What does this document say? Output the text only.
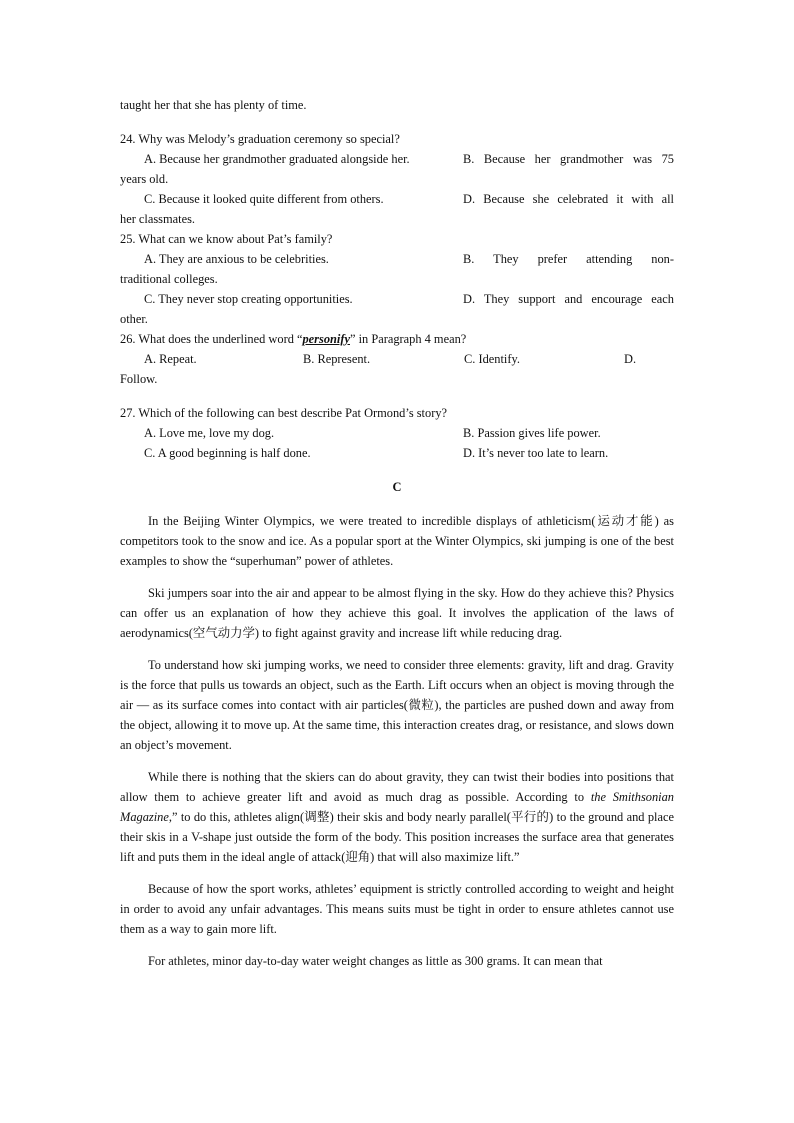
taught her that she has plenty of time.
24. Why was Melody’s graduation ceremony so special?
A. Because her grandmother graduated alongside her.	B. Because her grandmother was 75
years old.
C. Because it looked quite different from others.	D. Because she celebrated it with all
her classmates.
25. What can we know about Pat’s family?
A. They are anxious to be celebrities.	B. They prefer attending non-
traditional colleges.
C. They never stop creating opportunities.	D. They support and encourage each
other.
26. What does the underlined word “personify” in Paragraph 4 mean?
A. Repeat.	B. Represent.	C. Identify.	D.
Follow.
27. Which of the following can best describe Pat Ormond’s story?
A. Love me, love my dog.	B. Passion gives life power.
C. A good beginning is half done.	D. It’s never too late to learn.
C

In the Beijing Winter Olympics, we were treated to incredible displays of athleticism(运动才能) as competitors took to the snow and ice. As a popular sport at the Winter Olympics, ski jumping is one of the best examples to show the “superhuman” power of athletes.

Ski jumpers soar into the air and appear to be almost flying in the sky. How do they achieve this? Physics can offer us an explanation of how they achieve this goal. It involves the application of the laws of aerodynamics(空气动力学) to fight against gravity and increase lift while reducing drag.

To understand how ski jumping works, we need to consider three elements: gravity, lift and drag. Gravity is the force that pulls us towards an object, such as the Earth. Lift occurs when an object is moving through the air — as its surface comes into contact with air particles(微粒), the particles are pushed down and away from the object, allowing it to move up. At the same time, this interaction creates drag, or resistance, and slows down an object’s movement.

While there is nothing that the skiers can do about gravity, they can twist their bodies into positions that allow them to achieve greater lift and avoid as much drag as possible. According to the Smithsonian Magazine,” to do this, athletes align(调整) their skis and body nearly parallel(平行的) to the ground and place their skis in a V-shape just outside the form of the body. This position increases the surface area that generates lift and puts them in the ideal angle of attack(迎角) that will also maximize lift.”

Because of how the sport works, athletes’ equipment is strictly controlled according to weight and height in order to avoid any unfair advantages. This means suits must be tight in order to ensure athletes cannot use them as a way to gain more lift.

For athletes, minor day-to-day water weight changes as little as 300 grams. It can mean that
